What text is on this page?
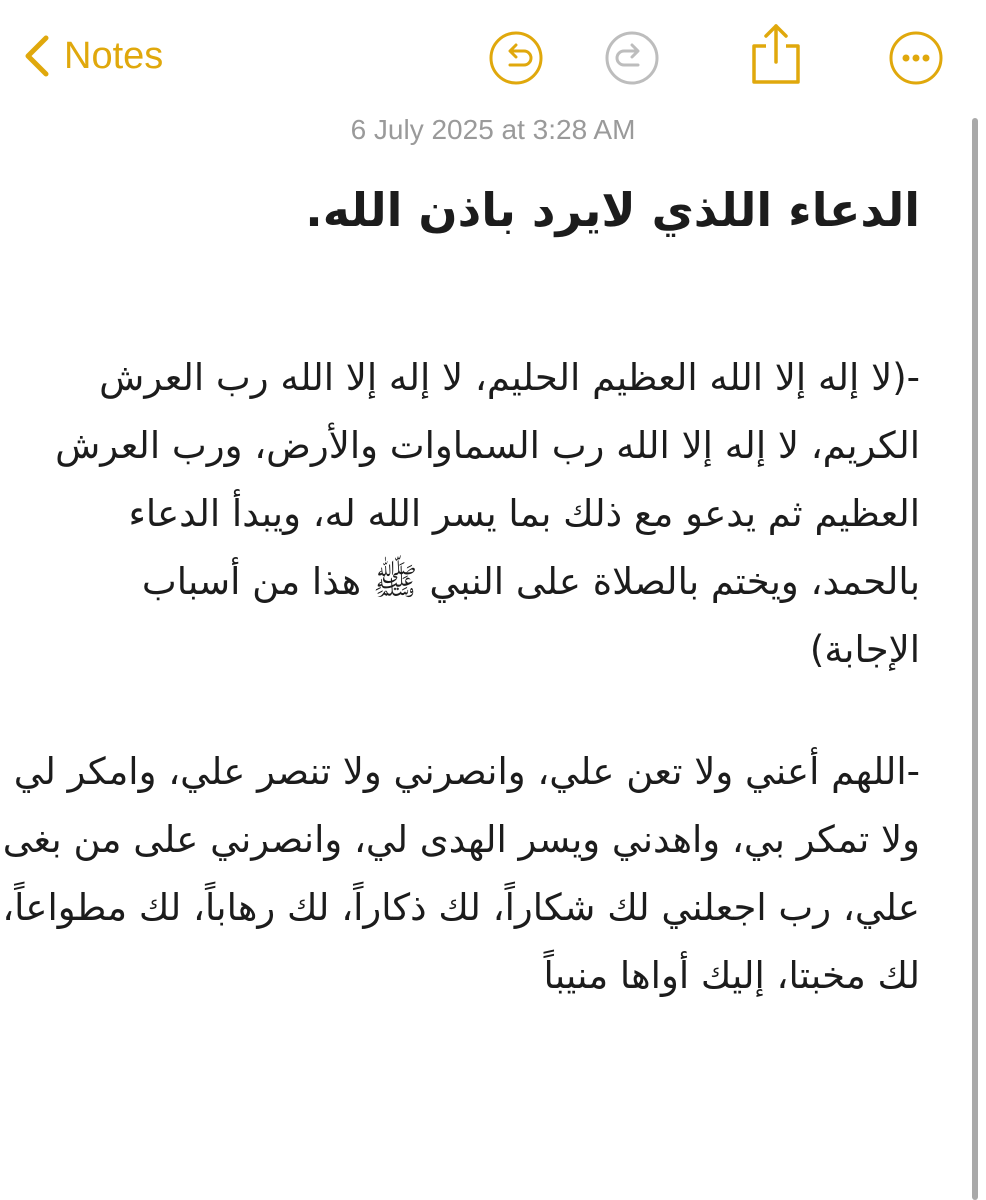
Notes
6 July 2025 at 3:28 AM
الدعاء اللذي لايرد باذن الله.

-(لا إله إلا الله العظيم الحليم، لا إله إلا الله رب العرش
الكريم، لا إله إلا الله رب السماوات والأرض، ورب العرش
العظيم ثم يدعو مع ذلك بما يسر الله له، ويبدأ الدعاء
بالحمد، ويختم بالصلاة على النبي ﷺ هذا من أسباب
الإجابة)

-اللهم أعني ولا تعن علي، وانصرني ولا تنصر علي، وامكر لي
ولا تمكر بي، واهدني ويسر الهدى لي، وانصرني على من بغى
علي، رب اجعلني لك شكاراً، لك ذكاراً، لك رهاباً، لك مطواعاً،
لك مخبتا، إليك أواها منيباً
